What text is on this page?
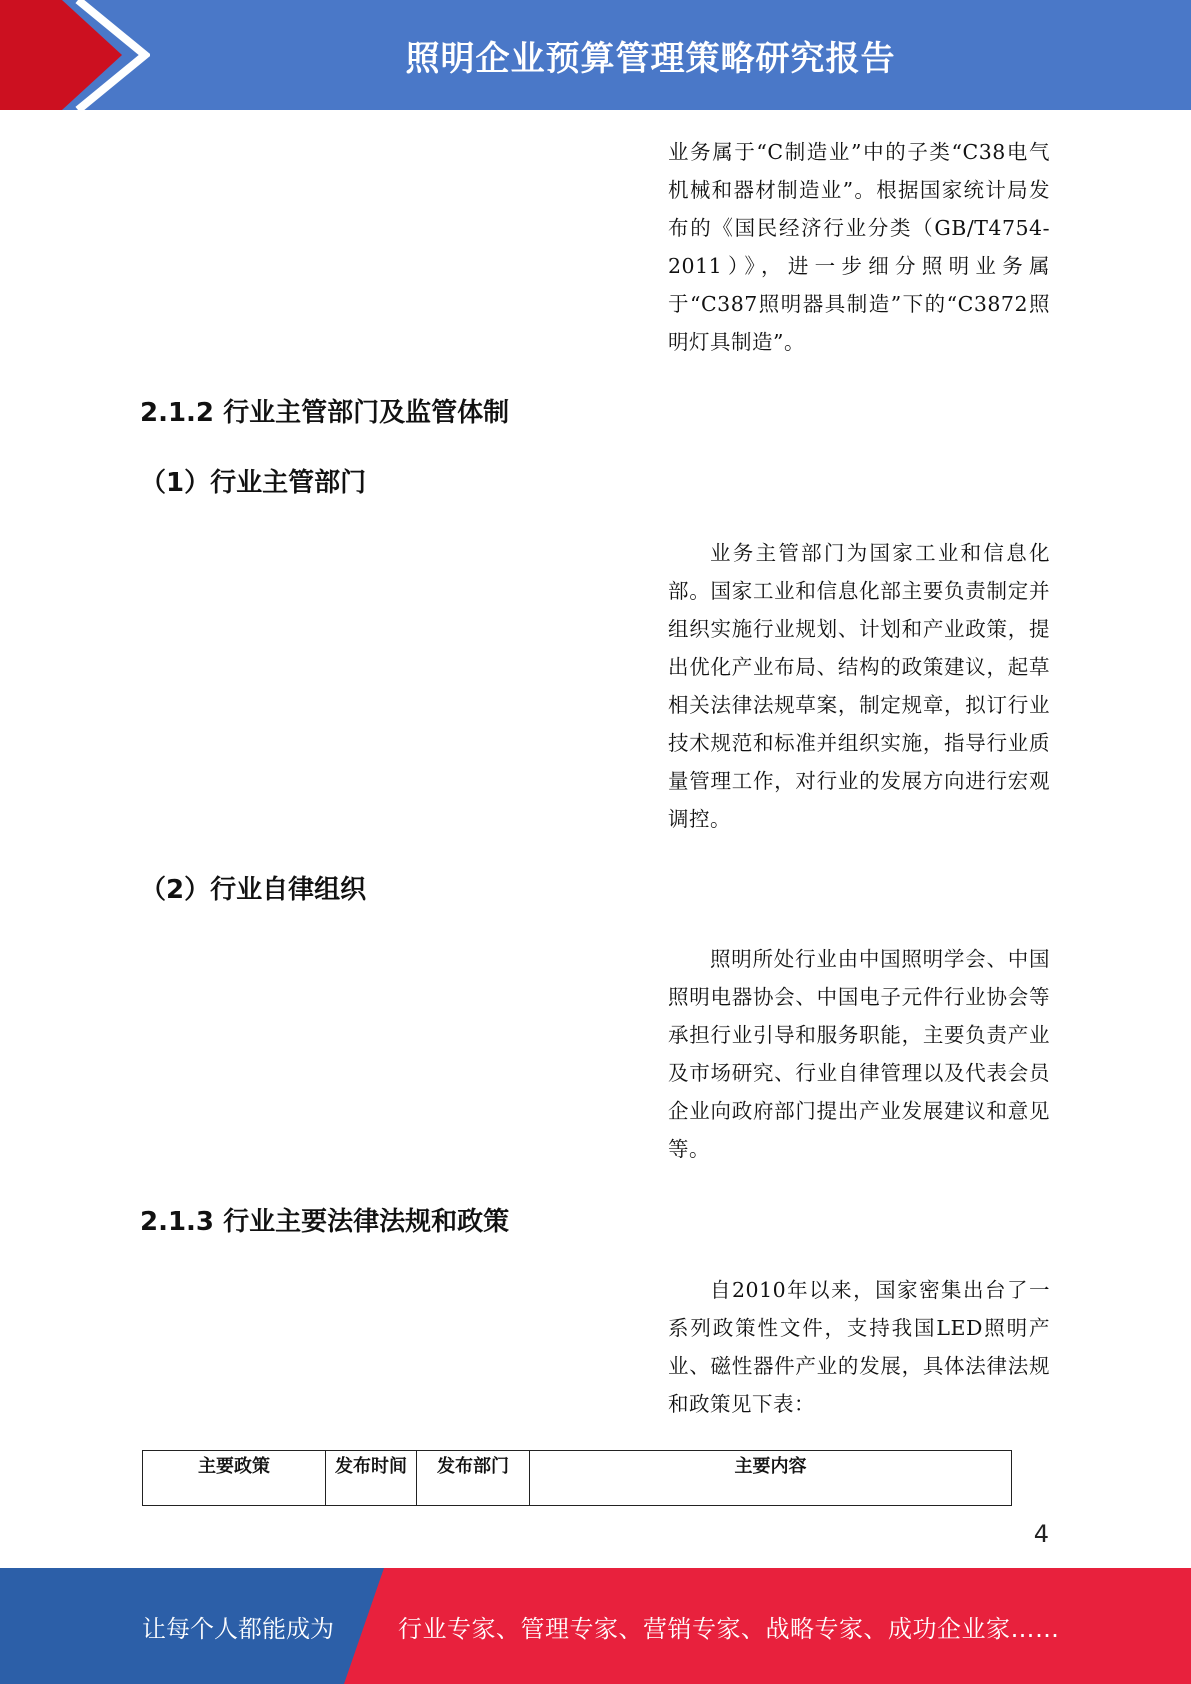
照明企业预算管理策略研究报告
业务属于“C制造业”中的子类“C38电气机械和器材制造业”。根据国家统计局发布的《国民经济行业分类（GB/T4754-2011）》，进一步细分照明业务属于“C387照明器具制造”下的“C3872照明灯具制造”。
2.1.2 行业主管部门及监管体制
（1）行业主管部门
业务主管部门为国家工业和信息化部。国家工业和信息化部主要负责制定并组织实施行业规划、计划和产业政策，提出优化产业布局、结构的政策建议，起草相关法律法规草案，制定规章，拟订行业技术规范和标准并组织实施，指导行业质量管理工作，对行业的发展方向进行宏观调控。
（2）行业自律组织
照明所处行业由中国照明学会、中国照明电器协会、中国电子元件行业协会等承担行业引导和服务职能，主要负责产业及市场研究、行业自律管理以及代表会员企业向政府部门提出产业发展建议和意见等。
2.1.3 行业主要法律法规和政策
自2010年以来，国家密集出台了一系列政策性文件，支持我国LED照明产业、磁性器件产业的发展，具体法律法规和政策见下表：
主要政策	发布时间	发布部门	主要内容
4
让每个人都能成为	行业专家、管理专家、营销专家、战略专家、成功企业家……
